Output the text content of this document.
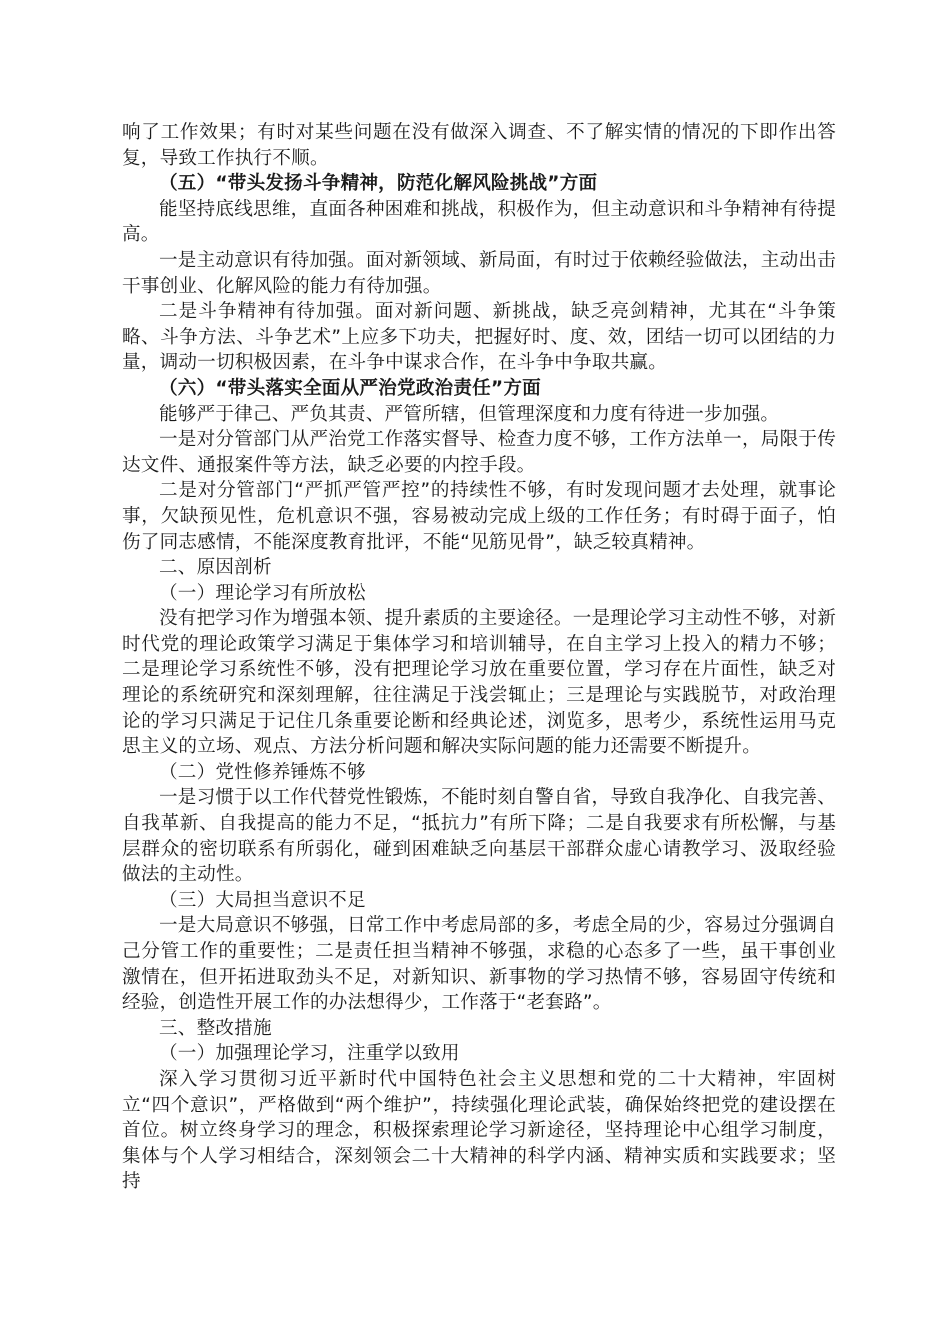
响了工作效果；有时对某些问题在没有做深入调查、不了解实情的情况的下即作出答复，导致工作执行不顺。

（五）“带头发扬斗争精神，防范化解风险挑战”方面

能坚持底线思维，直面各种困难和挑战，积极作为，但主动意识和斗争精神有待提高。

一是主动意识有待加强。面对新领域、新局面，有时过于依赖经验做法，主动出击干事创业、化解风险的能力有待加强。

二是斗争精神有待加强。面对新问题、新挑战，缺乏亮剑精神，尤其在“斗争策略、斗争方法、斗争艺术”上应多下功夫，把握好时、度、效，团结一切可以团结的力量，调动一切积极因素，在斗争中谋求合作，在斗争中争取共赢。

（六）“带头落实全面从严治党政治责任”方面

能够严于律己、严负其责、严管所辖，但管理深度和力度有待进一步加强。

一是对分管部门从严治党工作落实督导、检查力度不够，工作方法单一，局限于传达文件、通报案件等方法，缺乏必要的内控手段。

二是对分管部门“严抓严管严控”的持续性不够，有时发现问题才去处理，就事论事，欠缺预见性，危机意识不强，容易被动完成上级的工作任务；有时碍于面子，怕伤了同志感情，不能深度教育批评，不能“见筋见骨”，缺乏较真精神。

二、原因剖析

（一）理论学习有所放松

没有把学习作为增强本领、提升素质的主要途径。一是理论学习主动性不够，对新时代党的理论政策学习满足于集体学习和培训辅导，在自主学习上投入的精力不够；二是理论学习系统性不够，没有把理论学习放在重要位置，学习存在片面性，缺乏对理论的系统研究和深刻理解，往往满足于浅尝辄止；三是理论与实践脱节，对政治理论的学习只满足于记住几条重要论断和经典论述，浏览多，思考少，系统性运用马克思主义的立场、观点、方法分析问题和解决实际问题的能力还需要不断提升。

（二）党性修养锤炼不够

一是习惯于以工作代替党性锻炼，不能时刻自警自省，导致自我净化、自我完善、自我革新、自我提高的能力不足，“抵抗力”有所下降；二是自我要求有所松懈，与基层群众的密切联系有所弱化，碰到困难缺乏向基层干部群众虚心请教学习、汲取经验做法的主动性。

（三）大局担当意识不足

一是大局意识不够强，日常工作中考虑局部的多，考虑全局的少，容易过分强调自己分管工作的重要性；二是责任担当精神不够强，求稳的心态多了一些，虽干事创业激情在，但开拓进取劲头不足，对新知识、新事物的学习热情不够，容易固守传统和经验，创造性开展工作的办法想得少，工作落于“老套路”。

三、整改措施

（一）加强理论学习，注重学以致用

深入学习贯彻习近平新时代中国特色社会主义思想和党的二十大精神，牢固树立“四个意识”，严格做到“两个维护”，持续强化理论武装，确保始终把党的建设摆在首位。树立终身学习的理念，积极探索理论学习新途径，坚持理论中心组学习制度，集体与个人学习相结合，深刻领会二十大精神的科学内涵、精神实质和实践要求；坚持
